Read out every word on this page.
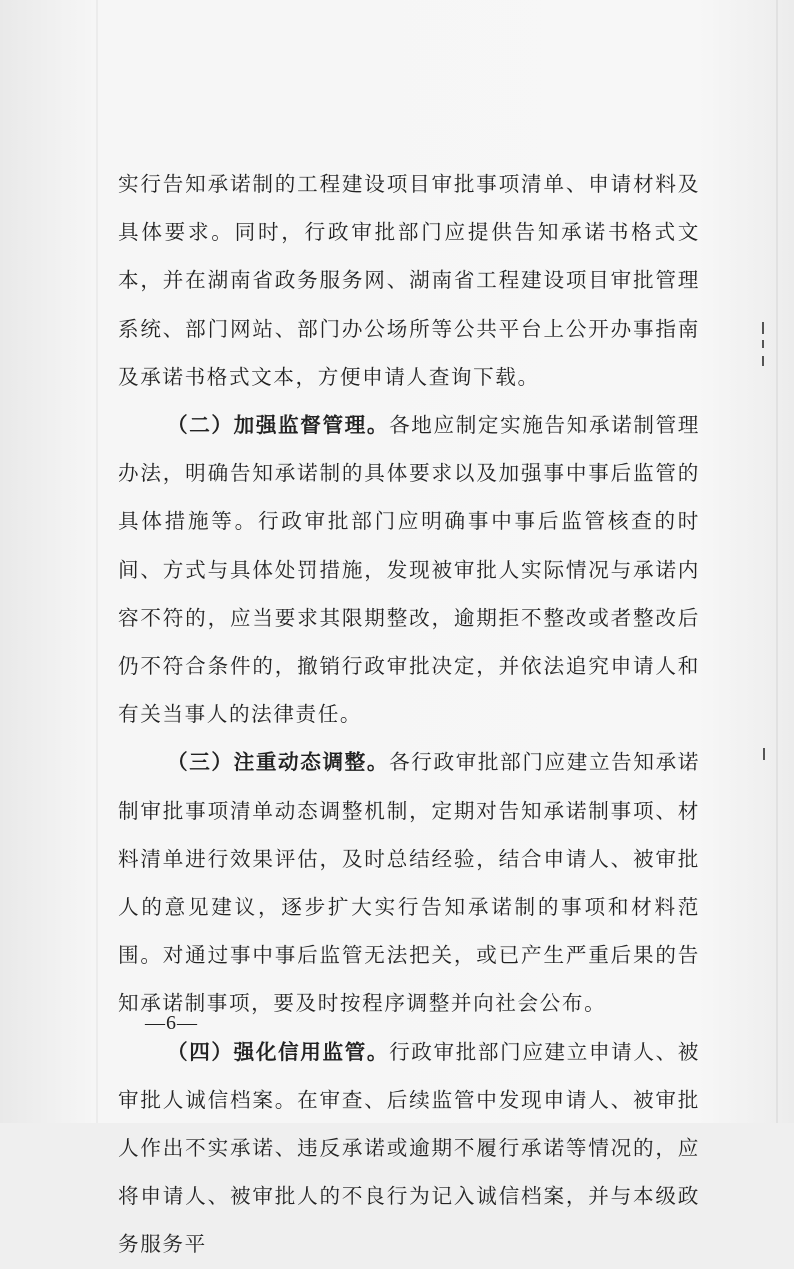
实行告知承诺制的工程建设项目审批事项清单、申请材料及具体要求。同时，行政审批部门应提供告知承诺书格式文本，并在湖南省政务服务网、湖南省工程建设项目审批管理系统、部门网站、部门办公场所等公共平台上公开办事指南及承诺书格式文本，方便申请人查询下载。

（二）加强监督管理。各地应制定实施告知承诺制管理办法，明确告知承诺制的具体要求以及加强事中事后监管的具体措施等。行政审批部门应明确事中事后监管核查的时间、方式与具体处罚措施，发现被审批人实际情况与承诺内容不符的，应当要求其限期整改，逾期拒不整改或者整改后仍不符合条件的，撤销行政审批决定，并依法追究申请人和有关当事人的法律责任。

（三）注重动态调整。各行政审批部门应建立告知承诺制审批事项清单动态调整机制，定期对告知承诺制事项、材料清单进行效果评估，及时总结经验，结合申请人、被审批人的意见建议，逐步扩大实行告知承诺制的事项和材料范围。对通过事中事后监管无法把关，或已产生严重后果的告知承诺制事项，要及时按程序调整并向社会公布。

（四）强化信用监管。行政审批部门应建立申请人、被审批人诚信档案。在审查、后续监管中发现申请人、被审批人作出不实承诺、违反承诺或逾期不履行承诺等情况的，应将申请人、被审批人的不良行为记入诚信档案，并与本级政务服务平

—6—
